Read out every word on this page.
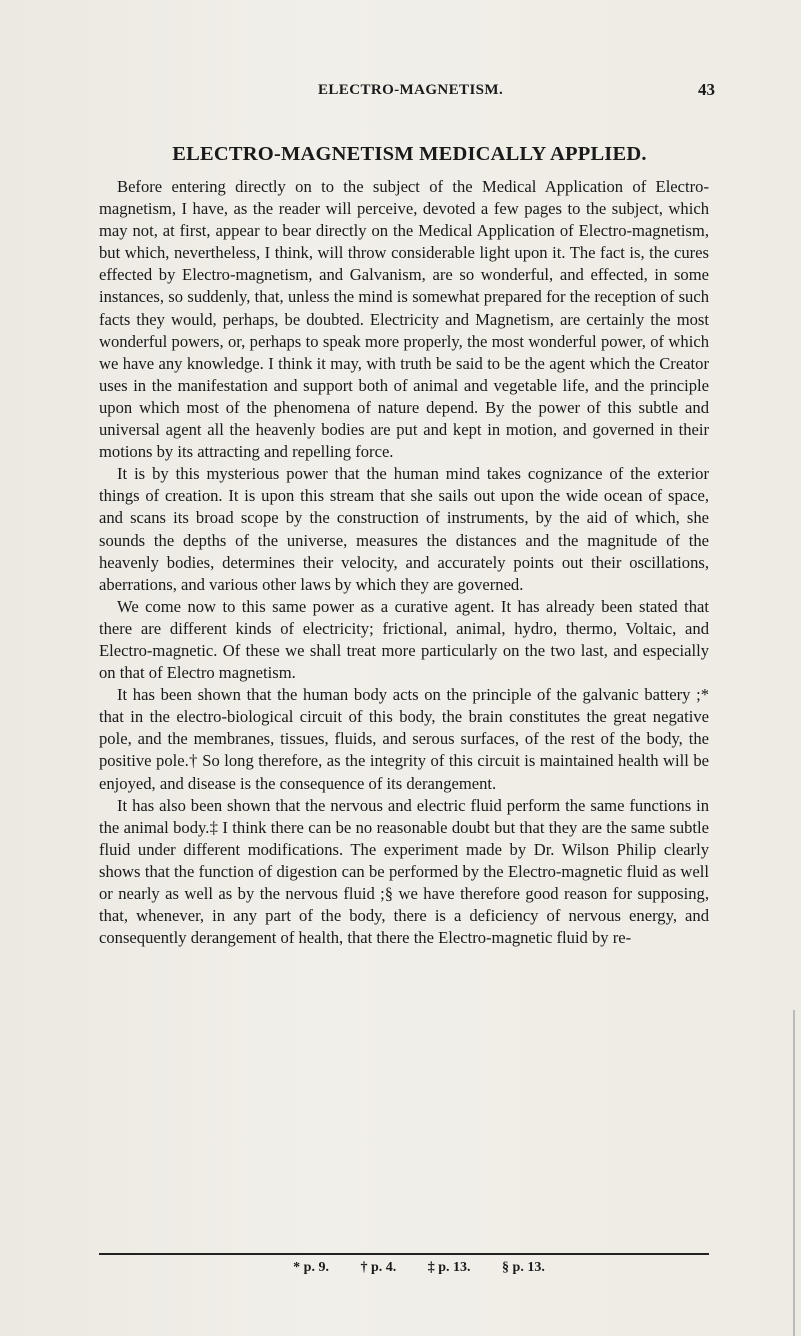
ELECTRO-MAGNETISM.	43
ELECTRO-MAGNETISM MEDICALLY APPLIED.

Before entering directly on to the subject of the Medical Application of Electro-magnetism, I have, as the reader will perceive, devoted a few pages to the subject, which may not, at first, appear to bear directly on the Medical Application of Electro-magnetism, but which, nevertheless, I think, will throw considerable light upon it. The fact is, the cures effected by Electro-magnetism, and Galvanism, are so wonderful, and effected, in some instances, so suddenly, that, unless the mind is somewhat prepared for the reception of such facts they would, perhaps, be doubted. Electricity and Magnetism, are certainly the most wonderful powers, or, perhaps to speak more properly, the most wonderful power, of which we have any knowledge. I think it may, with truth be said to be the agent which the Creator uses in the manifestation and support both of animal and vegetable life, and the principle upon which most of the phenomena of nature depend. By the power of this subtle and universal agent all the heavenly bodies are put and kept in motion, and governed in their motions by its attracting and repelling force.

It is by this mysterious power that the human mind takes cognizance of the exterior things of creation. It is upon this stream that she sails out upon the wide ocean of space, and scans its broad scope by the construction of instruments, by the aid of which, she sounds the depths of the universe, measures the distances and the magnitude of the heavenly bodies, determines their velocity, and accurately points out their oscillations, aberrations, and various other laws by which they are governed.

We come now to this same power as a curative agent. It has already been stated that there are different kinds of electricity; frictional, animal, hydro, thermo, Voltaic, and Electro-magnetic. Of these we shall treat more particularly on the two last, and especially on that of Electro magnetism.

It has been shown that the human body acts on the principle of the galvanic battery ;* that in the electro-biological circuit of this body, the brain constitutes the great negative pole, and the membranes, tissues, fluids, and serous surfaces, of the rest of the body, the positive pole.† So long therefore, as the integrity of this circuit is maintained health will be enjoyed, and disease is the consequence of its derangement.

It has also been shown that the nervous and electric fluid perform the same functions in the animal body.‡ I think there can be no reasonable doubt but that they are the same subtle fluid under different modifications. The experiment made by Dr. Wilson Philip clearly shows that the function of digestion can be performed by the Electro-magnetic fluid as well or nearly as well as by the nervous fluid ;§ we have therefore good reason for supposing, that, whenever, in any part of the body, there is a deficiency of nervous energy, and consequently derangement of health, that there the Electro-magnetic fluid by re-

* p. 9. † p. 4. ‡ p. 13. § p. 13.
